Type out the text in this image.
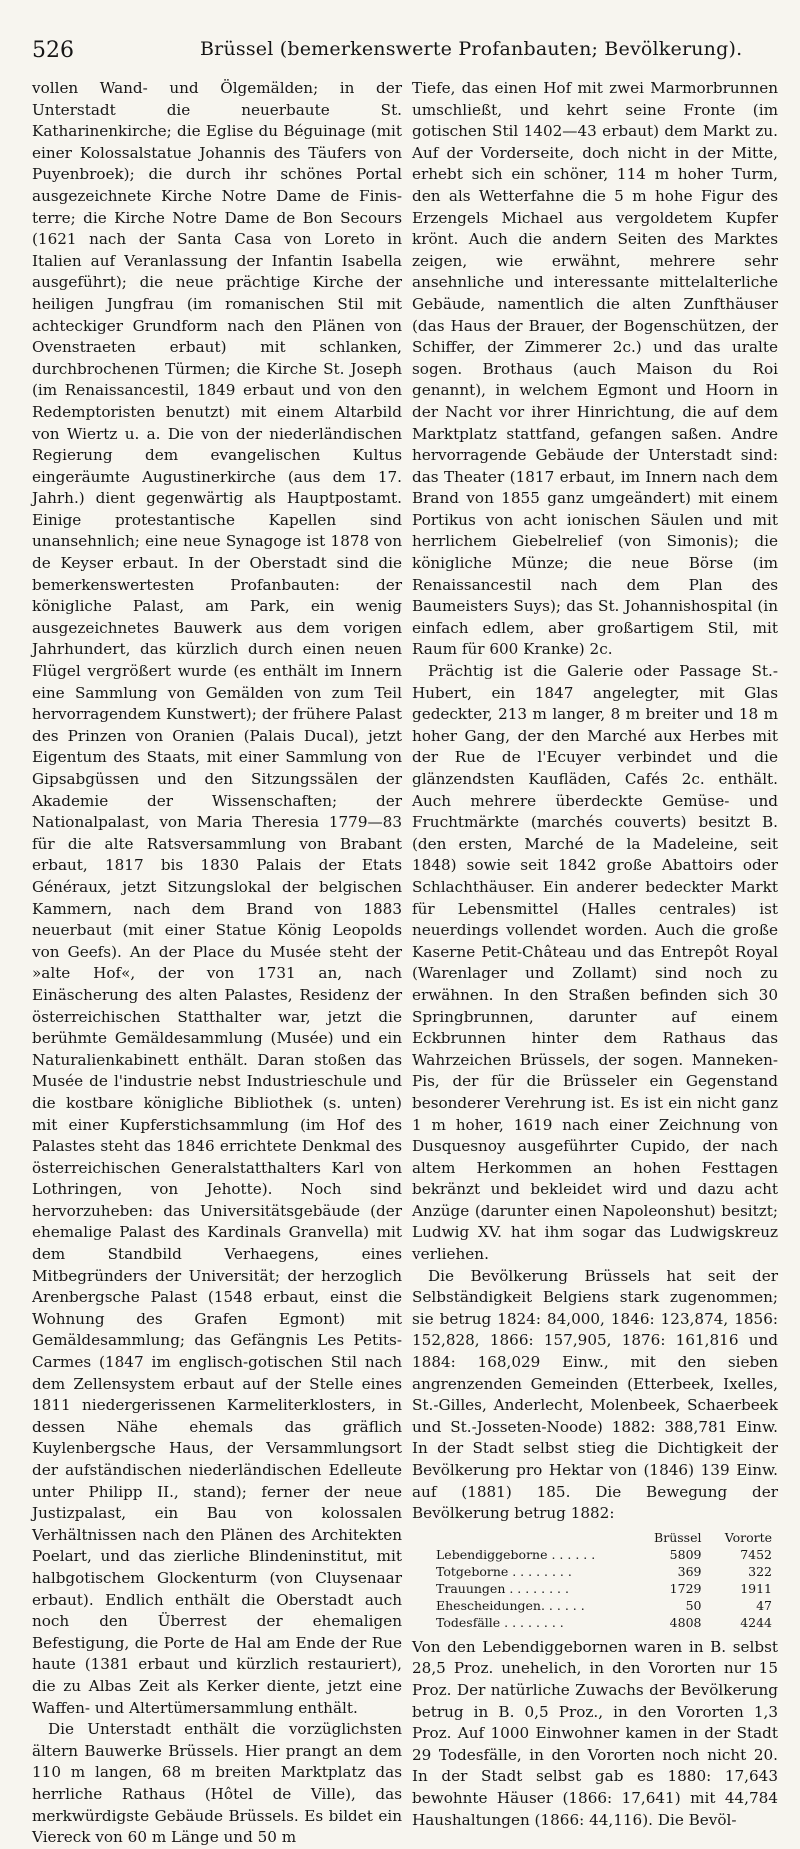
526	Brüssel (bemerkenswerte Profanbauten; Bevölkerung).

vollen Wand- und Ölgemälden; in der Unterstadt die neuerbaute St. Katharinenkirche; die Eglise du Béguinage (mit einer Kolossalstatue Johannis des Täufers von Puyenbroek); die durch ihr schönes Portal ausgezeichnete Kirche Notre Dame de Finis-terre; die Kirche Notre Dame de Bon Secours (1621 nach der Santa Casa von Loreto in Italien auf Veranlassung der Infantin Isabella ausgeführt); die neue prächtige Kirche der heiligen Jungfrau (im romanischen Stil mit achteckiger Grundform nach den Plänen von Ovenstraeten erbaut) mit schlanken, durchbrochenen Türmen; die Kirche St. Joseph (im Renaissancestil, 1849 erbaut und von den Redemptoristen benutzt) mit einem Altarbild von Wiertz u. a. Die von der niederländischen Regierung dem evangelischen Kultus eingeräumte Augustinerkirche (aus dem 17. Jahrh.) dient gegenwärtig als Hauptpostamt. Einige protestantische Kapellen sind unansehnlich; eine neue Synagoge ist 1878 von de Keyser erbaut. In der Oberstadt sind die bemerkenswertesten Profanbauten: der königliche Palast, am Park, ein wenig ausgezeichnetes Bauwerk aus dem vorigen Jahrhundert, das kürzlich durch einen neuen Flügel vergrößert wurde (es enthält im Innern eine Sammlung von Gemälden von zum Teil hervorragendem Kunstwert); der frühere Palast des Prinzen von Oranien (Palais Ducal), jetzt Eigentum des Staats, mit einer Sammlung von Gipsabgüssen und den Sitzungssälen der Akademie der Wissenschaften; der Nationalpalast, von Maria Theresia 1779—83 für die alte Ratsversammlung von Brabant erbaut, 1817 bis 1830 Palais der Etats Généraux, jetzt Sitzungslokal der belgischen Kammern, nach dem Brand von 1883 neuerbaut (mit einer Statue König Leopolds von Geefs). An der Place du Musée steht der »alte Hof«, der von 1731 an, nach Einäscherung des alten Palastes, Residenz der österreichischen Statthalter war, jetzt die berühmte Gemäldesammlung (Musée) und ein Naturalienkabinett enthält. Daran stoßen das Musée de l'industrie nebst Industrieschule und die kostbare königliche Bibliothek (s. unten) mit einer Kupferstichsammlung (im Hof des Palastes steht das 1846 errichtete Denkmal des österreichischen Generalstatthalters Karl von Lothringen, von Jehotte). Noch sind hervorzuheben: das Universitätsgebäude (der ehemalige Palast des Kardinals Granvella) mit dem Standbild Verhaegens, eines Mitbegründers der Universität; der herzoglich Arenbergsche Palast (1548 erbaut, einst die Wohnung des Grafen Egmont) mit Gemäldesammlung; das Gefängnis Les Petits-Carmes (1847 im englisch-gotischen Stil nach dem Zellensystem erbaut auf der Stelle eines 1811 niedergerissenen Karmeliterklosters, in dessen Nähe ehemals das gräflich Kuylenbergsche Haus, der Versammlungsort der aufständischen niederländischen Edelleute unter Philipp II., stand); ferner der neue Justizpalast, ein Bau von kolossalen Verhältnissen nach den Plänen des Architekten Poelart, und das zierliche Blindeninstitut, mit halbgotischem Glockenturm (von Cluysenaar erbaut). Endlich enthält die Oberstadt auch noch den Überrest der ehemaligen Befestigung, die Porte de Hal am Ende der Rue haute (1381 erbaut und kürzlich restauriert), die zu Albas Zeit als Kerker diente, jetzt eine Waffen- und Altertümersammlung enthält.

Die Unterstadt enthält die vorzüglichsten ältern Bauwerke Brüssels. Hier prangt an dem 110 m langen, 68 m breiten Marktplatz das herrliche Rathaus (Hôtel de Ville), das merkwürdigste Gebäude Brüssels. Es bildet ein Viereck von 60 m Länge und 50 m

Tiefe, das einen Hof mit zwei Marmorbrunnen umschließt, und kehrt seine Fronte (im gotischen Stil 1402—43 erbaut) dem Markt zu. Auf der Vorderseite, doch nicht in der Mitte, erhebt sich ein schöner, 114 m hoher Turm, den als Wetterfahne die 5 m hohe Figur des Erzengels Michael aus vergoldetem Kupfer krönt. Auch die andern Seiten des Marktes zeigen, wie erwähnt, mehrere sehr ansehnliche und interessante mittelalterliche Gebäude, namentlich die alten Zunfthäuser (das Haus der Brauer, der Bogenschützen, der Schiffer, der Zimmerer 2c.) und das uralte sogen. Brothaus (auch Maison du Roi genannt), in welchem Egmont und Hoorn in der Nacht vor ihrer Hinrichtung, die auf dem Marktplatz stattfand, gefangen saßen. Andre hervorragende Gebäude der Unterstadt sind: das Theater (1817 erbaut, im Innern nach dem Brand von 1855 ganz umgeändert) mit einem Portikus von acht ionischen Säulen und mit herrlichem Giebelrelief (von Simonis); die königliche Münze; die neue Börse (im Renaissancestil nach dem Plan des Baumeisters Suys); das St. Johannishospital (in einfach edlem, aber großartigem Stil, mit Raum für 600 Kranke) 2c.

Prächtig ist die Galerie oder Passage St.-Hubert, ein 1847 angelegter, mit Glas gedeckter, 213 m langer, 8 m breiter und 18 m hoher Gang, der den Marché aux Herbes mit der Rue de l'Ecuyer verbindet und die glänzendsten Kaufläden, Cafés 2c. enthält. Auch mehrere überdeckte Gemüse- und Fruchtmärkte (marchés couverts) besitzt B. (den ersten, Marché de la Madeleine, seit 1848) sowie seit 1842 große Abattoirs oder Schlachthäuser. Ein anderer bedeckter Markt für Lebensmittel (Halles centrales) ist neuerdings vollendet worden. Auch die große Kaserne Petit-Château und das Entrepôt Royal (Warenlager und Zollamt) sind noch zu erwähnen. In den Straßen befinden sich 30 Springbrunnen, darunter auf einem Eckbrunnen hinter dem Rathaus das Wahrzeichen Brüssels, der sogen. Manneken-Pis, der für die Brüsseler ein Gegenstand besonderer Verehrung ist. Es ist ein nicht ganz 1 m hoher, 1619 nach einer Zeichnung von Dusquesnoy ausgeführter Cupido, der nach altem Herkommen an hohen Festtagen bekränzt und bekleidet wird und dazu acht Anzüge (darunter einen Napoleonshut) besitzt; Ludwig XV. hat ihm sogar das Ludwigskreuz verliehen.

Die Bevölkerung Brüssels hat seit der Selbständigkeit Belgiens stark zugenommen; sie betrug 1824: 84,000, 1846: 123,874, 1856: 152,828, 1866: 157,905, 1876: 161,816 und 1884: 168,029 Einw., mit den sieben angrenzenden Gemeinden (Etterbeek, Ixelles, St.-Gilles, Anderlecht, Molenbeek, Schaerbeek und St.-Josseten-Noode) 1882: 388,781 Einw. In der Stadt selbst stieg die Dichtigkeit der Bevölkerung pro Hektar von (1846) 139 Einw. auf (1881) 185. Die Bewegung der Bevölkerung betrug 1882:

	Brüssel	Vororte
Lebendiggeborne . . . . . .	5809	7452
Totgeborne . . . . . . . .	369	322
Trauungen . . . . . . . .	1729	1911
Ehescheidungen. . . . . .	50	47
Todesfälle . . . . . . . .	4808	4244

Von den Lebendiggebornen waren in B. selbst 28,5 Proz. unehelich, in den Vororten nur 15 Proz. Der natürliche Zuwachs der Bevölkerung betrug in B. 0,5 Proz., in den Vororten 1,3 Proz. Auf 1000 Einwohner kamen in der Stadt 29 Todesfälle, in den Vororten noch nicht 20. In der Stadt selbst gab es 1880: 17,643 bewohnte Häuser (1866: 17,641) mit 44,784 Haushaltungen (1866: 44,116). Die Bevöl-
